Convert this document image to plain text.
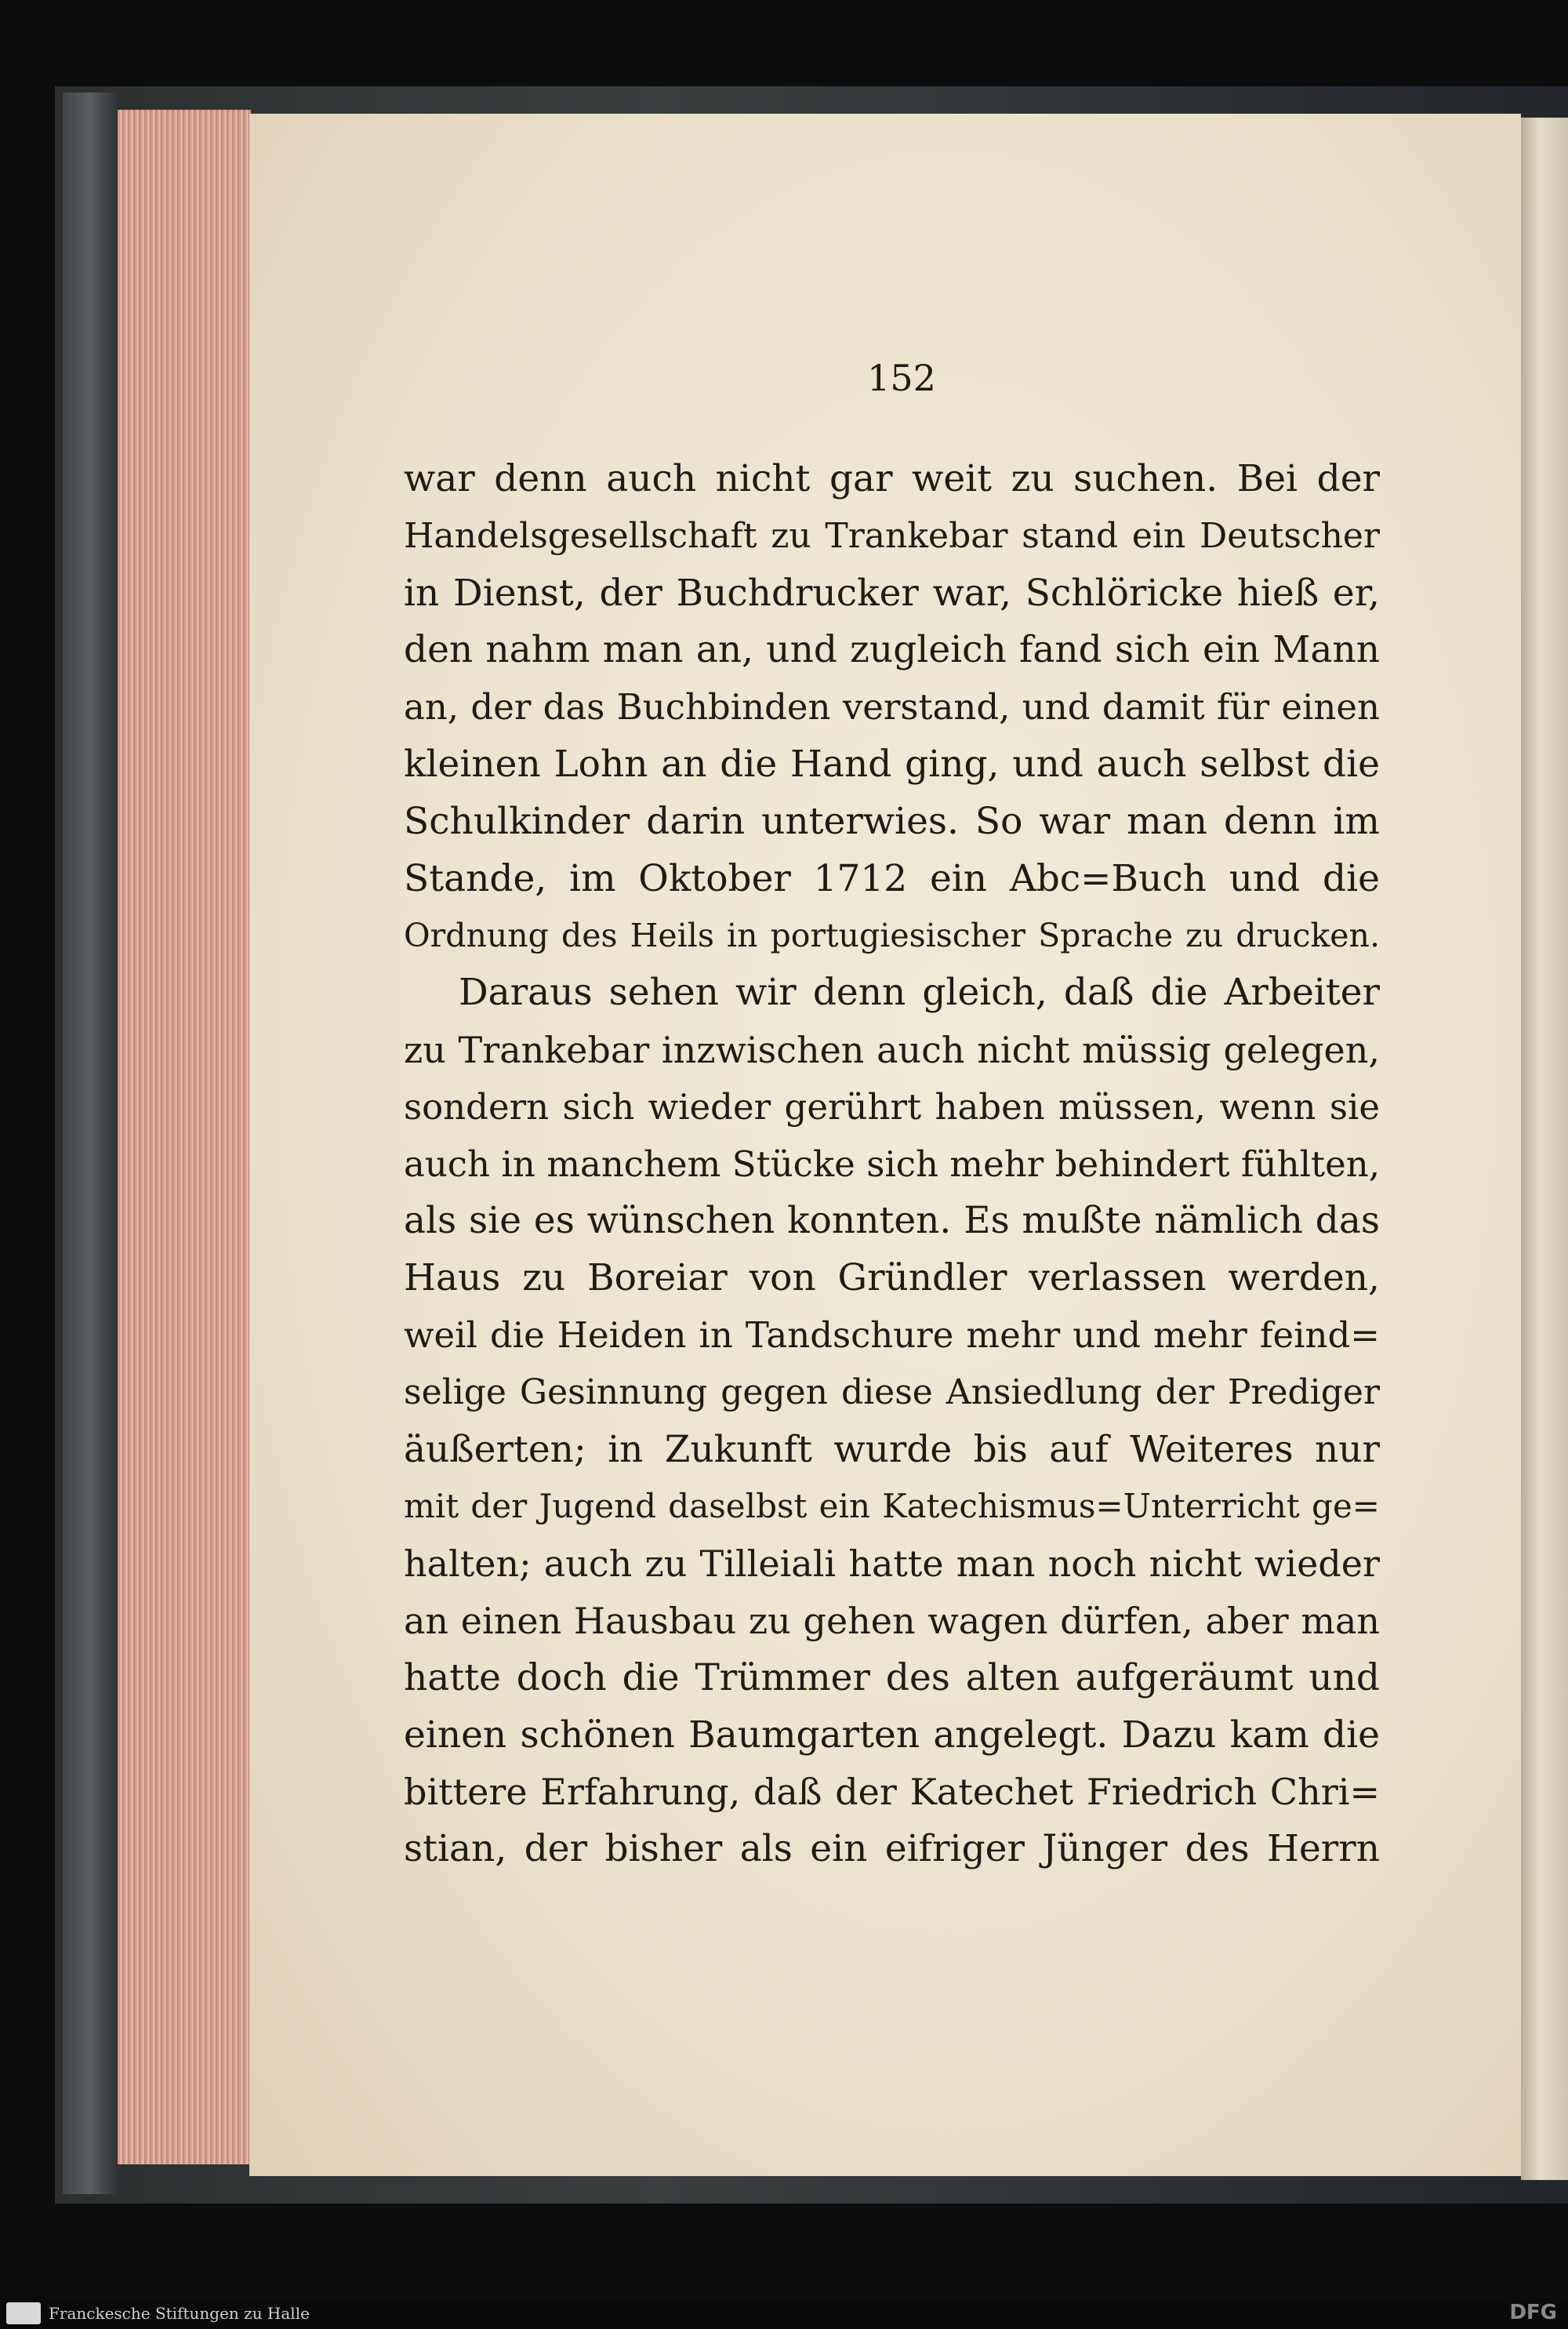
152
war denn auch nicht gar weit zu suchen. Bei der
Handelsgesellschaft zu Trankebar stand ein Deutscher
in Dienst, der Buchdrucker war, Schlöricke hieß er,
den nahm man an, und zugleich fand sich ein Mann
an, der das Buchbinden verstand, und damit für einen
kleinen Lohn an die Hand ging, und auch selbst die
Schulkinder darin unterwies. So war man denn im
Stande, im Oktober 1712 ein Abc=Buch und die
Ordnung des Heils in portugiesischer Sprache zu drucken.
Daraus sehen wir denn gleich, daß die Arbeiter
zu Trankebar inzwischen auch nicht müssig gelegen,
sondern sich wieder gerührt haben müssen, wenn sie
auch in manchem Stücke sich mehr behindert fühlten,
als sie es wünschen konnten. Es mußte nämlich das
Haus zu Boreiar von Gründler verlassen werden,
weil die Heiden in Tandschure mehr und mehr feind=
selige Gesinnung gegen diese Ansiedlung der Prediger
äußerten; in Zukunft wurde bis auf Weiteres nur
mit der Jugend daselbst ein Katechismus=Unterricht ge=
halten; auch zu Tilleiali hatte man noch nicht wieder
an einen Hausbau zu gehen wagen dürfen, aber man
hatte doch die Trümmer des alten aufgeräumt und
einen schönen Baumgarten angelegt. Dazu kam die
bittere Erfahrung, daß der Katechet Friedrich Chri=
stian, der bisher als ein eifriger Jünger des Herrn
Franckesche Stiftungen zu Halle	DFG
